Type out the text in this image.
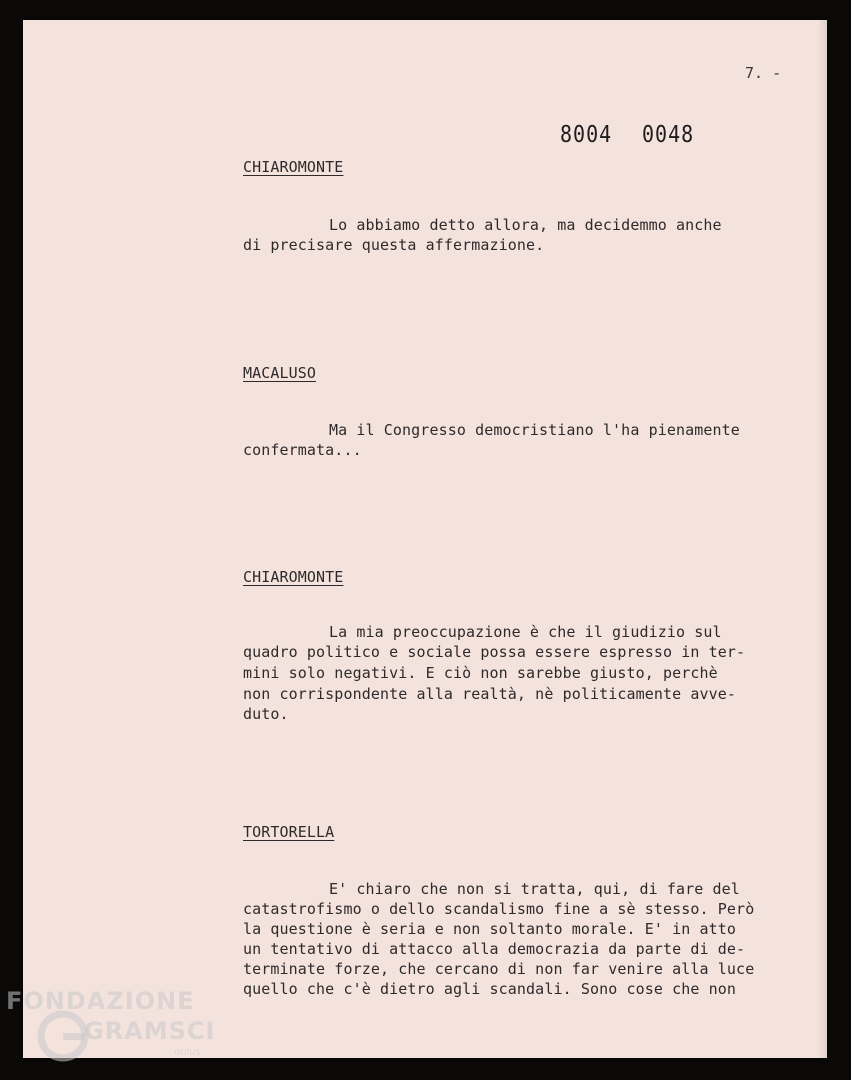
7. -
8004 0048
CHIAROMONTE
Lo abbiamo detto allora, ma decidemmo anche
di precisare questa affermazione.
MACALUSO
Ma il Congresso democristiano l'ha pienamente
confermata...
CHIAROMONTE
La mia preoccupazione è che il giudizio sul
quadro politico e sociale possa essere espresso in ter-
mini solo negativi. E ciò non sarebbe giusto, perchè
non corrispondente alla realtà, nè politicamente avve-
duto.
TORTORELLA
E' chiaro che non si tratta, qui, di fare del
catastrofismo o dello scandalismo fine a sè stesso. Però
la questione è seria e non soltanto morale. E' in atto
un tentativo di attacco alla democrazia da parte di de-
terminate forze, che cercano di non far venire alla luce
quello che c'è dietro agli scandali. Sono cose che non
FONDAZIONE
GRAMSCI
onlus
